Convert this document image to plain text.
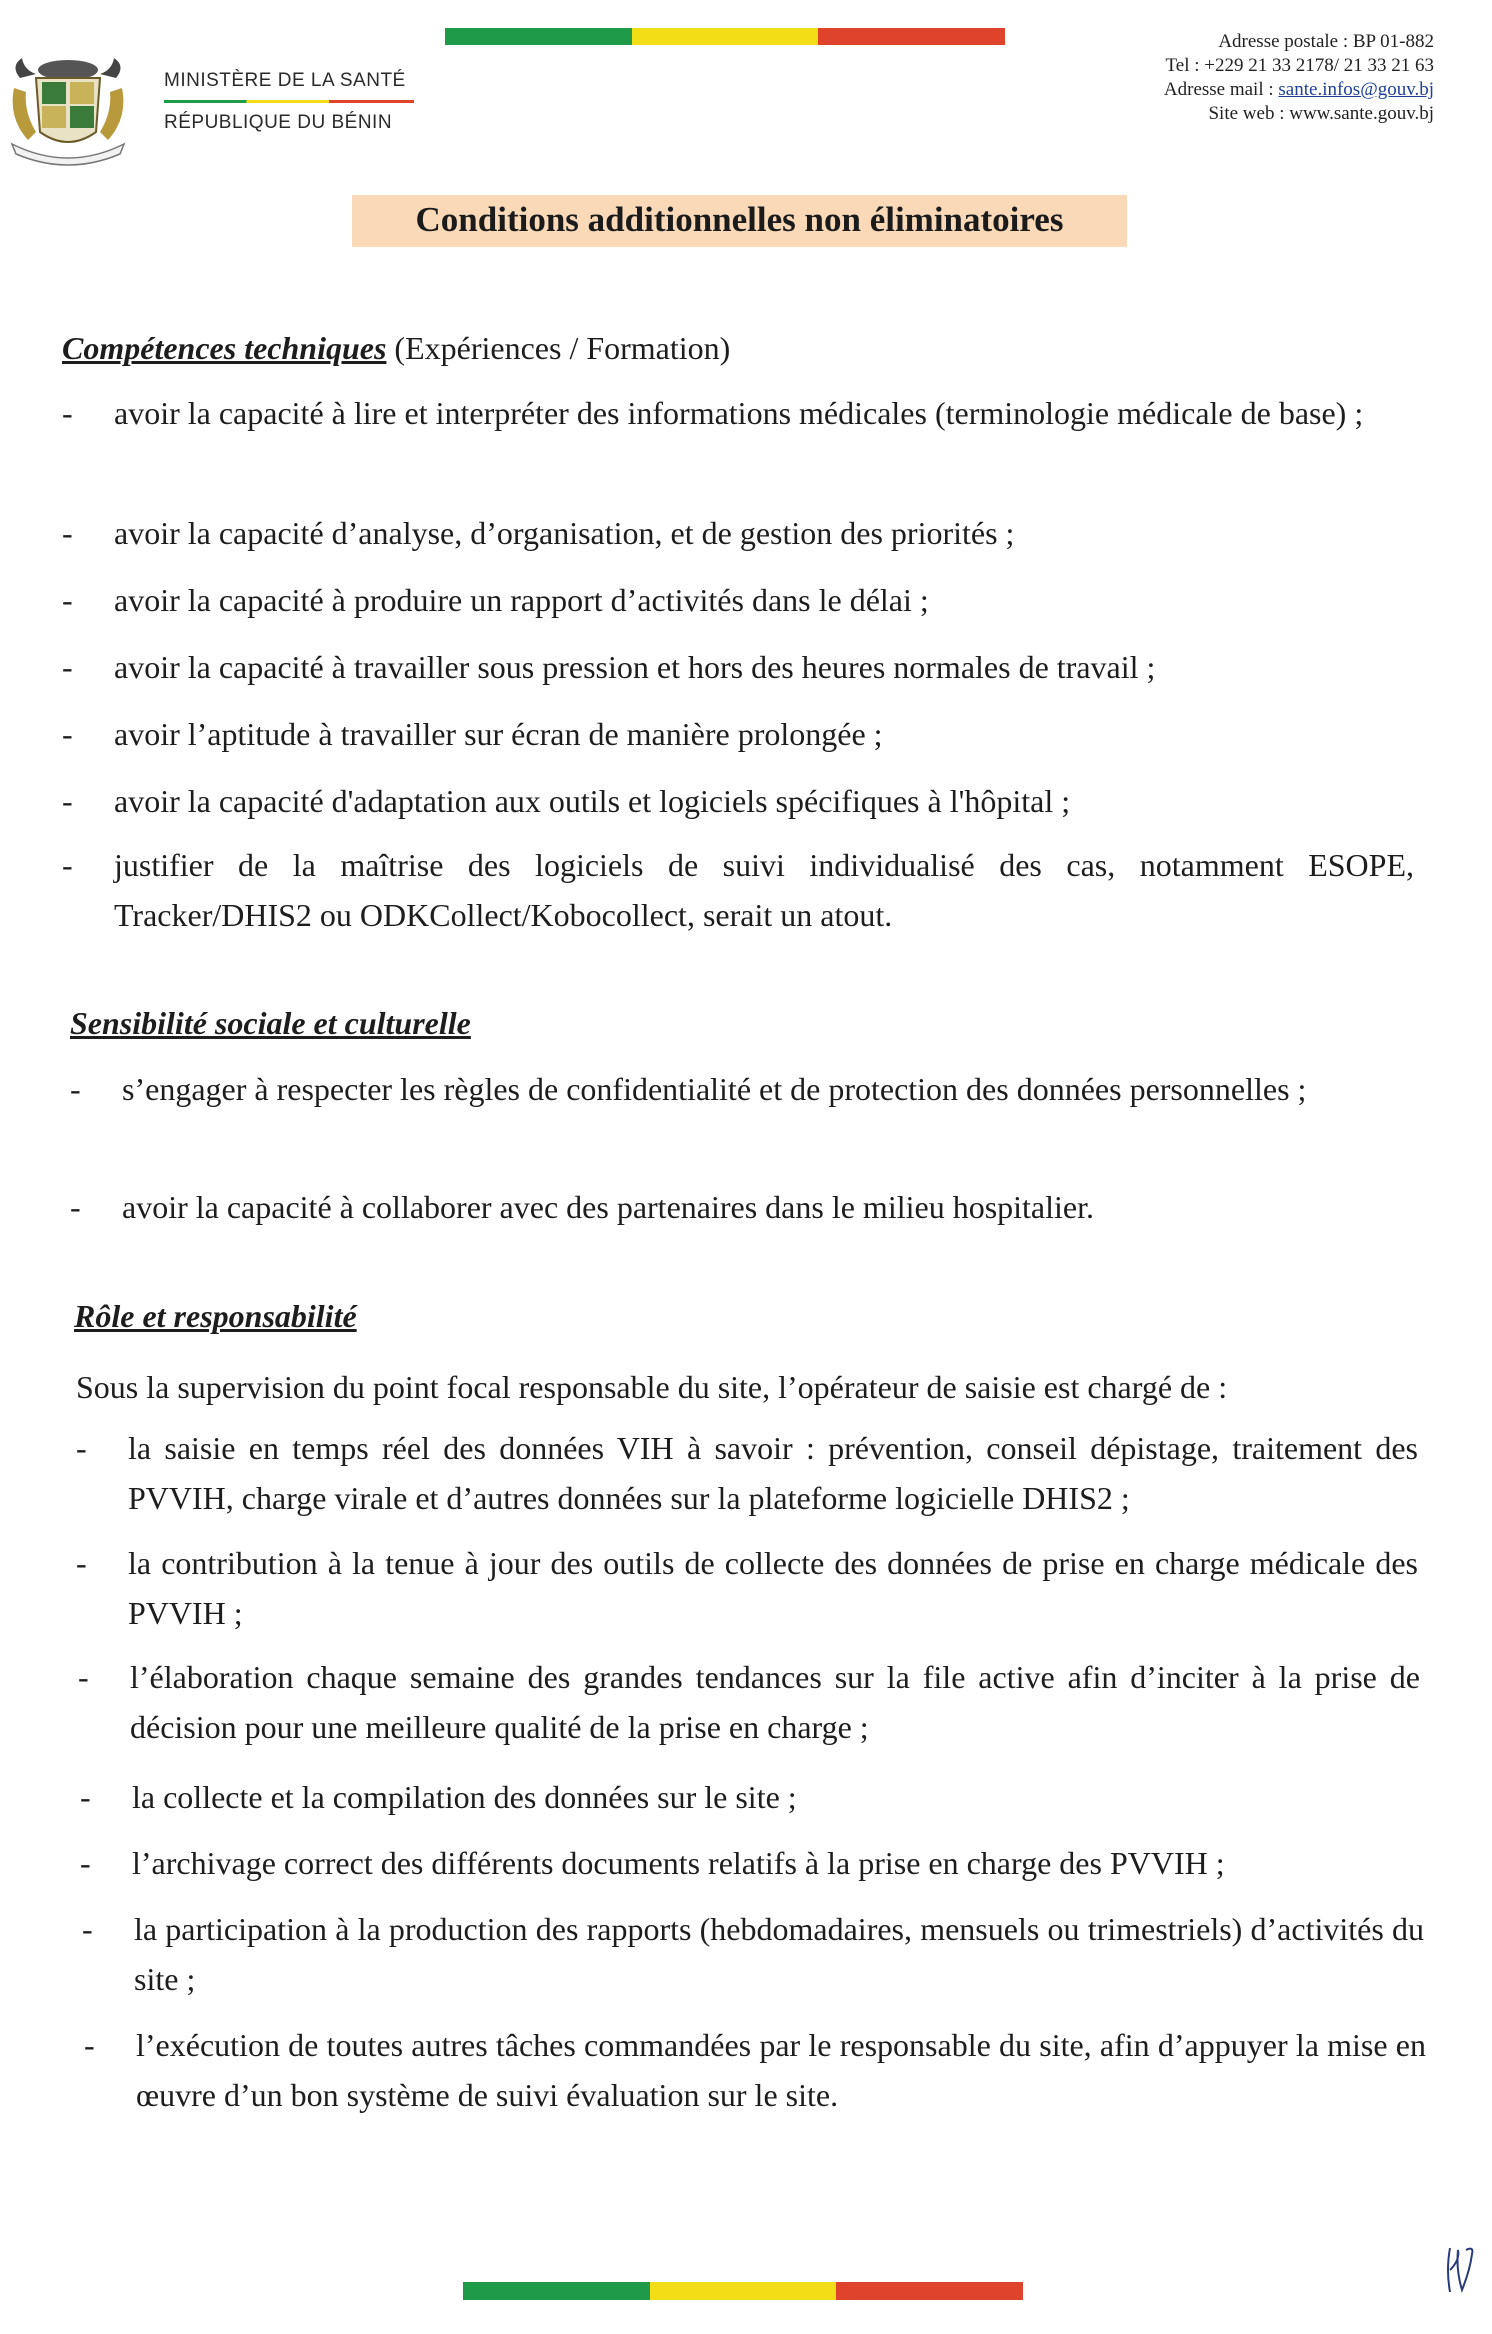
MINISTÈRE DE LA SANTÉ
RÉPUBLIQUE DU BÉNIN
Adresse postale : BP 01-882
Tel : +229 21 33 2178/ 21 33 21 63
Adresse mail : sante.infos@gouv.bj
Site web : www.sante.gouv.bj
Conditions additionnelles non éliminatoires
Compétences techniques (Expériences / Formation)
- avoir la capacité à lire et interpréter des informations médicales (terminologie médicale de base) ;
- avoir la capacité d’analyse, d’organisation, et de gestion des priorités ;
- avoir la capacité à produire un rapport d’activités dans le délai ;
- avoir la capacité à travailler sous pression et hors des heures normales de travail ;
- avoir l’aptitude à travailler sur écran de manière prolongée ;
- avoir la capacité d'adaptation aux outils et logiciels spécifiques à l'hôpital ;
- justifier de la maîtrise des logiciels de suivi individualisé des cas, notamment ESOPE, Tracker/DHIS2 ou ODKCollect/Kobocollect, serait un atout.
Sensibilité sociale et culturelle
- s’engager à respecter les règles de confidentialité et de protection des données personnelles ;
- avoir la capacité à collaborer avec des partenaires dans le milieu hospitalier.
Rôle et responsabilité
Sous la supervision du point focal responsable du site, l’opérateur de saisie est chargé de :
- la saisie en temps réel des données VIH à savoir : prévention, conseil dépistage, traitement des PVVIH, charge virale et d’autres données sur la plateforme logicielle DHIS2 ;
- la contribution à la tenue à jour des outils de collecte des données de prise en charge médicale des PVVIH ;
- l’élaboration chaque semaine des grandes tendances sur la file active afin d’inciter à la prise de décision pour une meilleure qualité de la prise en charge ;
- la collecte et la compilation des données sur le site ;
- l’archivage correct des différents documents relatifs à la prise en charge des PVVIH ;
- la participation à la production des rapports (hebdomadaires, mensuels ou trimestriels) d’activités du site ;
- l’exécution de toutes autres tâches commandées par le responsable du site, afin d’appuyer la mise en œuvre d’un bon système de suivi évaluation sur le site.
